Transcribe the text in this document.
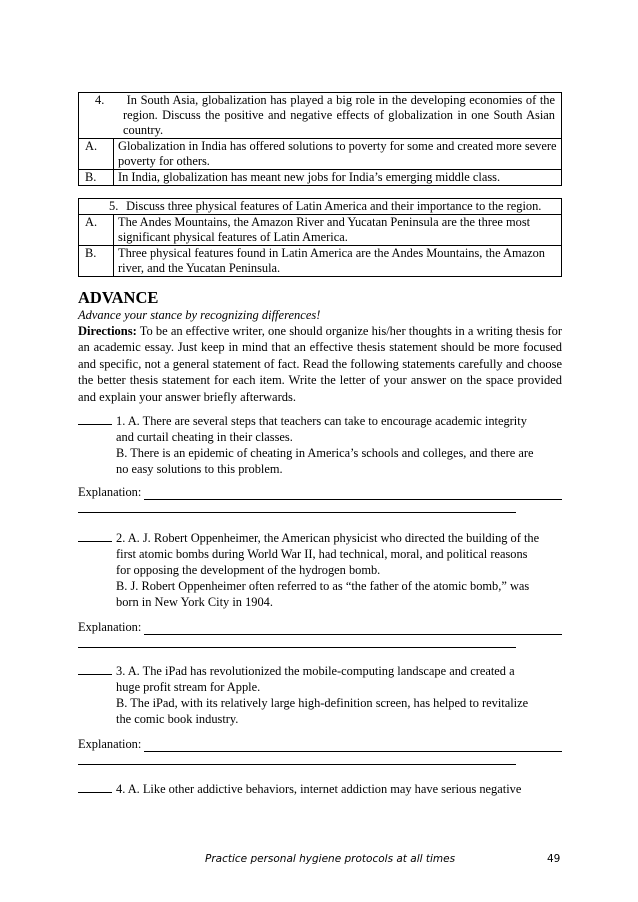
4. In South Asia, globalization has played a big role in the developing economies of the region. Discuss the positive and negative effects of globalization in one South Asian country.	

A.	Globalization in India has offered solutions to poverty for some and created more severe poverty for others.
B.	In India, globalization has meant new jobs for India’s emerging middle class.
5. Discuss three physical features of Latin America and their importance to the region.	
A.	The Andes Mountains, the Amazon River and Yucatan Peninsula are the three most significant physical features of Latin America.
B.	Three physical features found in Latin America are the Andes Mountains, the Amazon river, and the Yucatan Peninsula.
ADVANCE
Advance your stance by recognizing differences!
Directions: To be an effective writer, one should organize his/her thoughts in a writing thesis for an academic essay. Just keep in mind that an effective thesis statement should be more focused and specific, not a general statement of fact. Read the following statements carefully and choose the better thesis statement for each item. Write the letter of your answer on the space provided and explain your answer briefly afterwards.
1. A. There are several steps that teachers can take to encourage academic integrity
and curtail cheating in their classes.
B. There is an epidemic of cheating in America’s schools and colleges, and there are
no easy solutions to this problem.
Explanation:
2. A. J. Robert Oppenheimer, the American physicist who directed the building of the
first atomic bombs during World War II, had technical, moral, and political reasons
for opposing the development of the hydrogen bomb.
B. J. Robert Oppenheimer often referred to as “the father of the atomic bomb,” was
born in New York City in 1904.
Explanation:
3. A. The iPad has revolutionized the mobile-computing landscape and created a
huge profit stream for Apple.
B. The iPad, with its relatively large high-definition screen, has helped to revitalize
the comic book industry.
Explanation:
4. A. Like other addictive behaviors, internet addiction may have serious negative
Practice personal hygiene protocols at all times	49
